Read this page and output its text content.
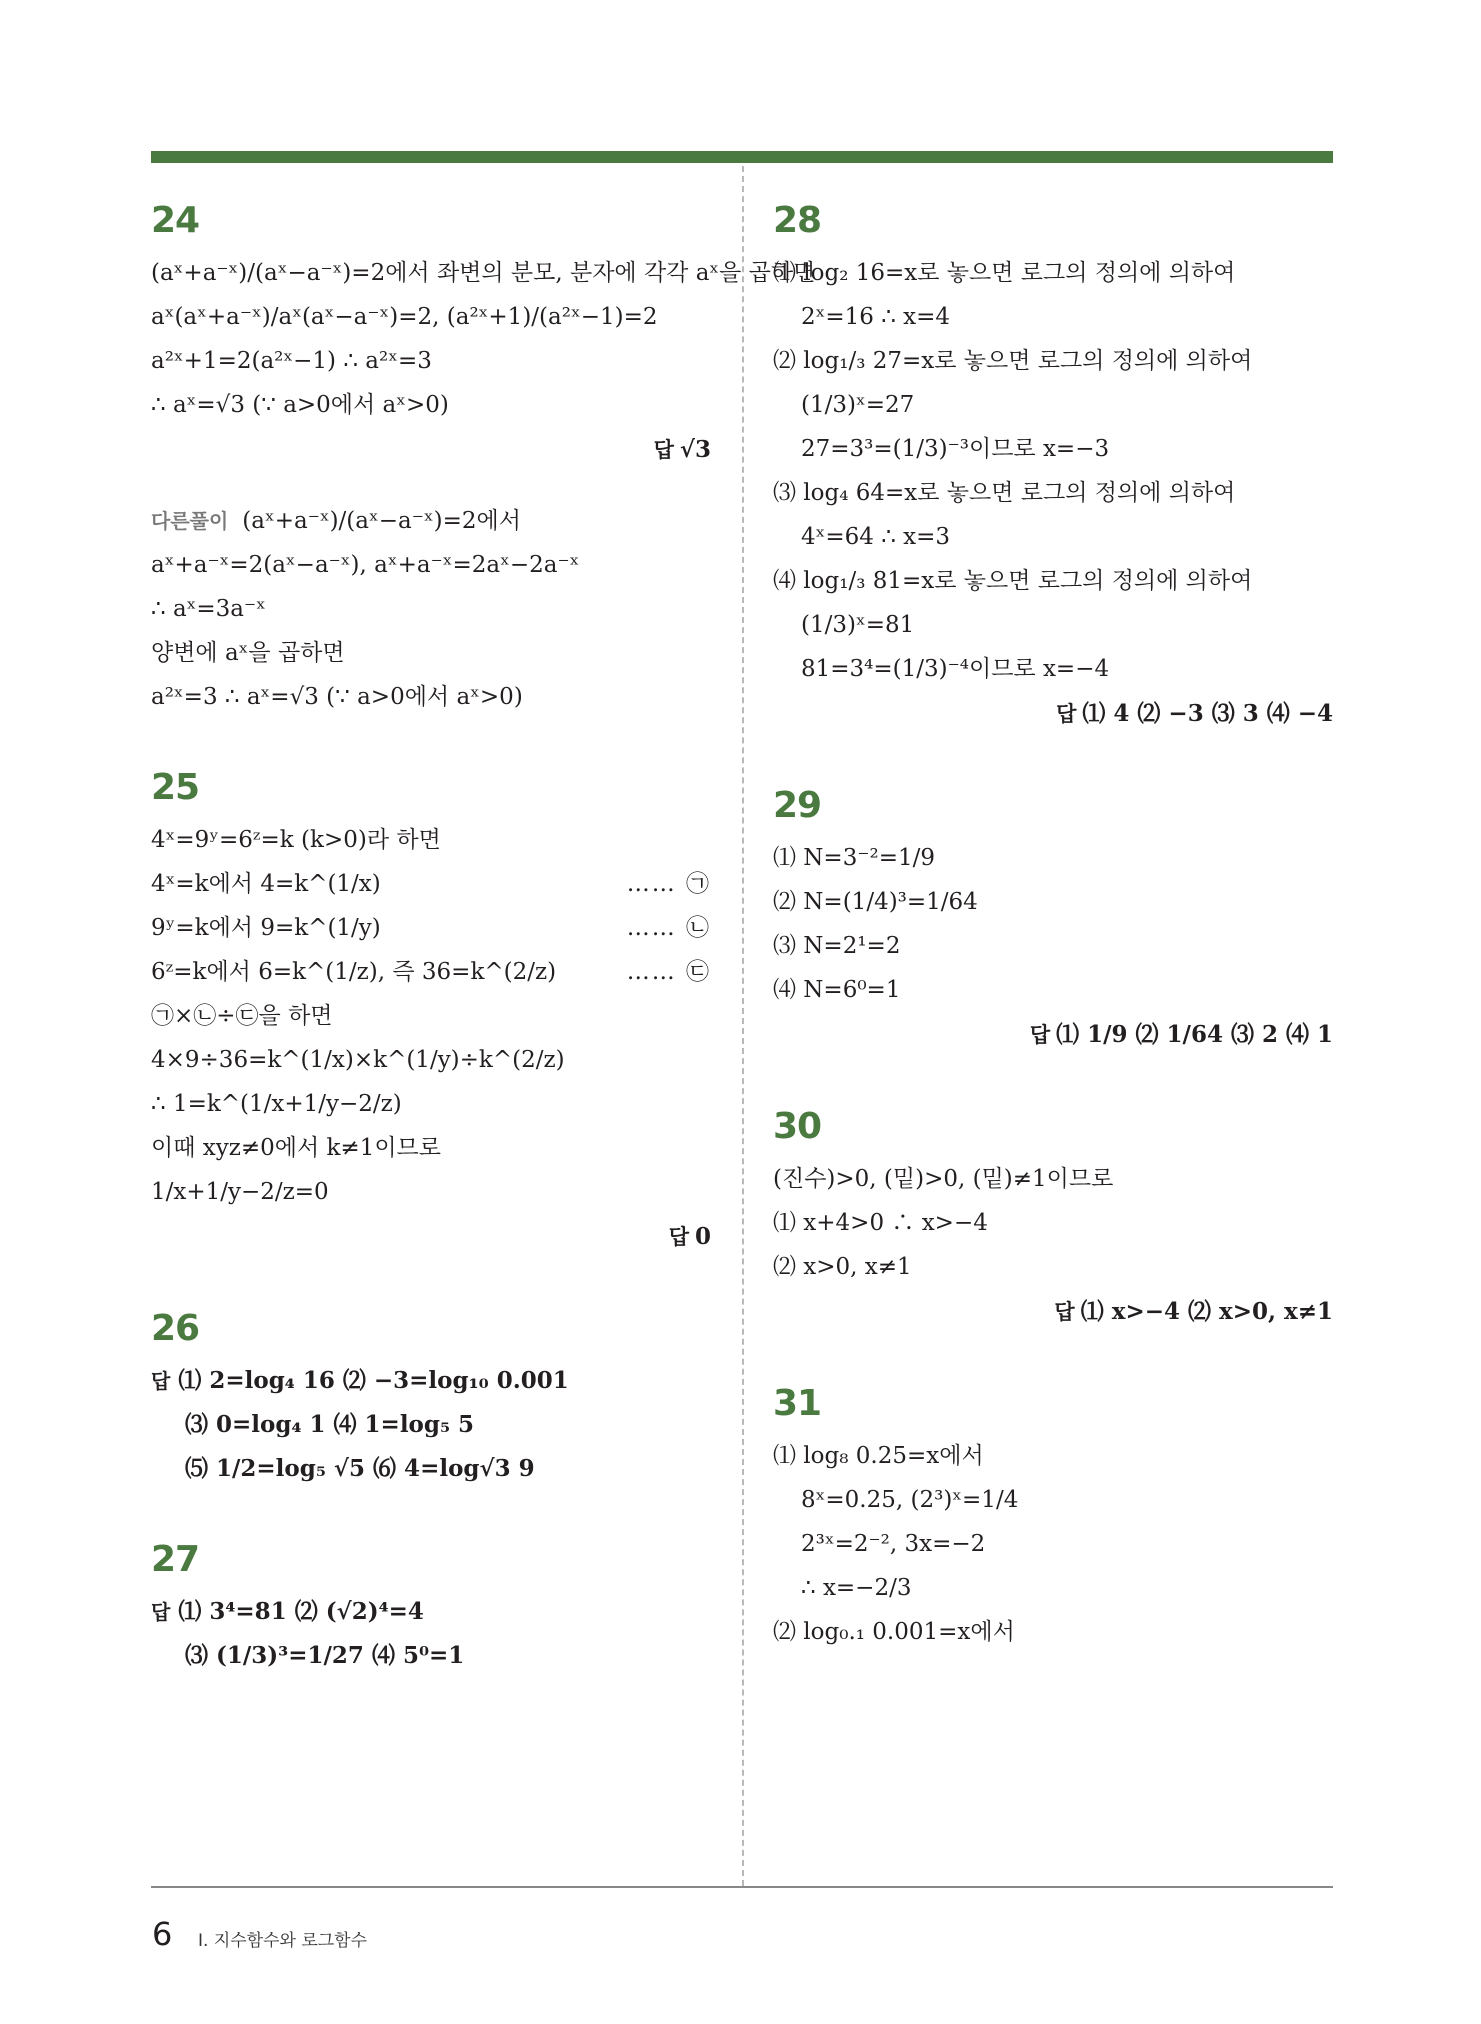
24
(aˣ+a⁻ˣ)/(aˣ−a⁻ˣ)=2에서 좌변의 분모, 분자에 각각 aˣ을 곱하면
aˣ(aˣ+a⁻ˣ)/aˣ(aˣ−a⁻ˣ)=2, (a²ˣ+1)/(a²ˣ−1)=2
a²ˣ+1=2(a²ˣ−1) ∴ a²ˣ=3
∴ aˣ=√3 (∵ a>0에서 aˣ>0)
답 √3
다른풀이 (aˣ+a⁻ˣ)/(aˣ−a⁻ˣ)=2에서
aˣ+a⁻ˣ=2(aˣ−a⁻ˣ), aˣ+a⁻ˣ=2aˣ−2a⁻ˣ
∴ aˣ=3a⁻ˣ
양변에 aˣ을 곱하면
a²ˣ=3 ∴ aˣ=√3 (∵ a>0에서 aˣ>0)
25
4ˣ=9ʸ=6ᶻ=k (k>0)라 하면
4ˣ=k에서 4=k^(1/x)	…… ㉠
9ʸ=k에서 9=k^(1/y)	…… ㉡
6ᶻ=k에서 6=k^(1/z), 즉 36=k^(2/z)	…… ㉢
㉠×㉡÷㉢을 하면
4×9÷36=k^(1/x)×k^(1/y)÷k^(2/z)
∴ 1=k^(1/x+1/y−2/z)
이때 xyz≠0에서 k≠1이므로
1/x+1/y−2/z=0
답 0
26
답 ⑴ 2=log₄ 16 ⑵ −3=log₁₀ 0.001
⑶ 0=log₄ 1 ⑷ 1=log₅ 5
⑸ 1/2=log₅ √5 ⑹ 4=log√3 9
27
답 ⑴ 3⁴=81 ⑵ (√2)⁴=4
⑶ (1/3)³=1/27 ⑷ 5⁰=1
28
⑴ log₂ 16=x로 놓으면 로그의 정의에 의하여
2ˣ=16 ∴ x=4
⑵ log₁/₃ 27=x로 놓으면 로그의 정의에 의하여
(1/3)ˣ=27
27=3³=(1/3)⁻³이므로 x=−3
⑶ log₄ 64=x로 놓으면 로그의 정의에 의하여
4ˣ=64 ∴ x=3
⑷ log₁/₃ 81=x로 놓으면 로그의 정의에 의하여
(1/3)ˣ=81
81=3⁴=(1/3)⁻⁴이므로 x=−4
답 ⑴ 4 ⑵ −3 ⑶ 3 ⑷ −4
29
⑴ N=3⁻²=1/9
⑵ N=(1/4)³=1/64
⑶ N=2¹=2
⑷ N=6⁰=1
답 ⑴ 1/9 ⑵ 1/64 ⑶ 2 ⑷ 1
30
(진수)>0, (밑)>0, (밑)≠1이므로
⑴ x+4>0 ∴ x>−4
⑵ x>0, x≠1
답 ⑴ x>−4 ⑵ x>0, x≠1
31
⑴ log₈ 0.25=x에서
8ˣ=0.25, (2³)ˣ=1/4
2³ˣ=2⁻², 3x=−2
∴ x=−2/3
⑵ log₀.₁ 0.001=x에서
6 Ⅰ. 지수함수와 로그함수
